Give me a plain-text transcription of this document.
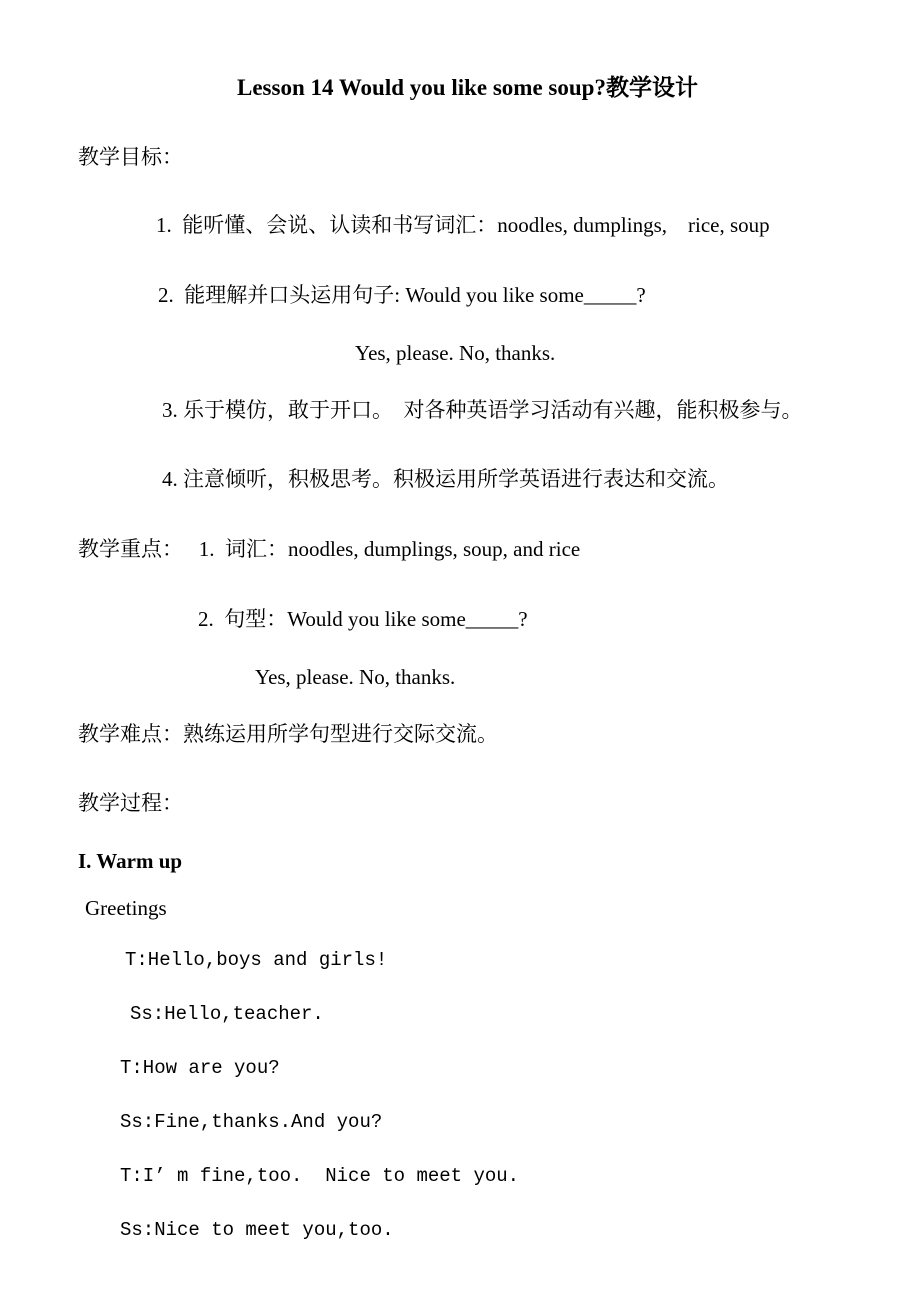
Lesson 14 Would you like some soup?教学设计
教学目标：
1.  能听懂、会说、认读和书写词汇：noodles, dumplings,    rice, soup
2.  能理解并口头运用句子: Would you like some_____?
Yes, please. No, thanks.
3. 乐于模仿，敢于开口。  对各种英语学习活动有兴趣，能积极参与。
4. 注意倾听，积极思考。积极运用所学英语进行表达和交流。
教学重点：   1.  词汇：noodles, dumplings, soup, and rice
2.  句型：Would you like some_____?
Yes, please. No, thanks.
教学难点：熟练运用所学句型进行交际交流。
教学过程：
I. Warm up
Greetings
T:Hello,boys and girls!
Ss:Hello,teacher.
T:How are you?
Ss:Fine,thanks.And you?
T:I’ m fine,too.  Nice to meet you.
Ss:Nice to meet you,too.
